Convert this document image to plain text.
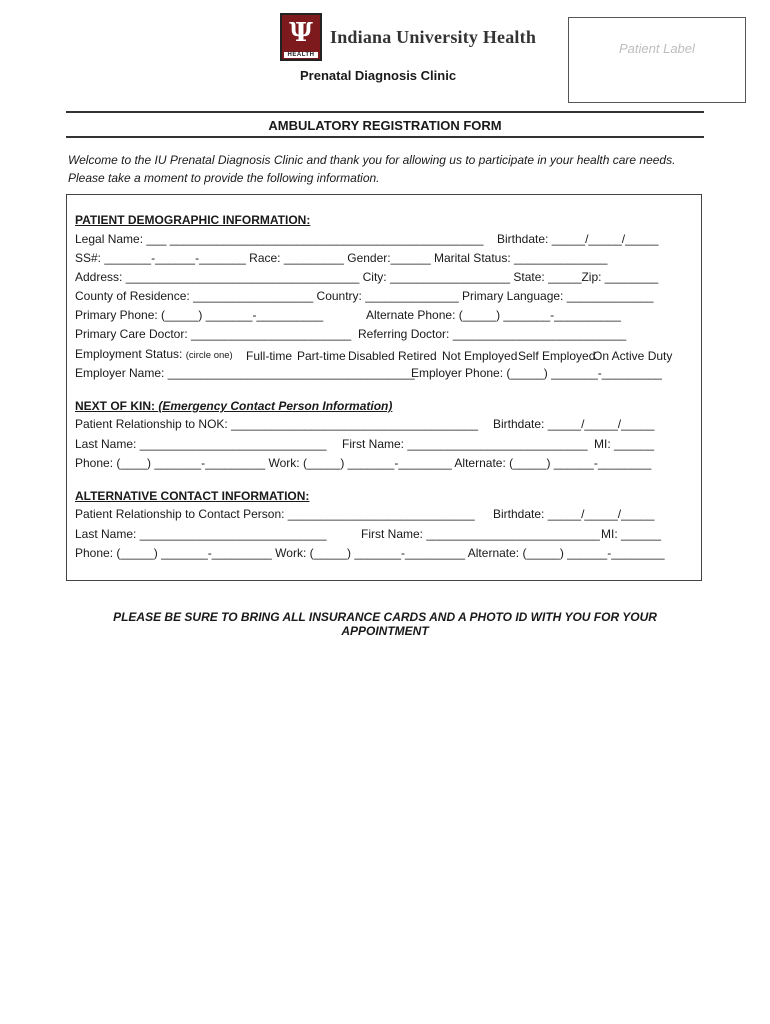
Ψ
HEALTH
Indiana University Health
Prenatal Diagnosis Clinic
Patient Label
AMBULATORY REGISTRATION FORM
Welcome to the IU Prenatal Diagnosis Clinic and thank you for allowing us to participate in your health care needs. Please take a moment to provide the following information.
PATIENT DEMOGRAPHIC INFORMATION:
Legal Name: ___ _______________________________________________ Birthdate: _____/_____/_____
SS#: _______-______-_______ Race: _________ Gender:______ Marital Status: ______________
Address: ___________________________________ City: __________________ State: _____Zip: ________
County of Residence: __________________ Country: ______________ Primary Language: _____________
Primary Phone: (_____) _______-__________	Alternate Phone: (_____) _______-__________
Primary Care Doctor: ________________________ Referring Doctor: __________________________
Employment Status: (circle one) Full-time Part-time Disabled Retired Not Employed Self Employed
On Active Duty
Employer Name: _____________________________________
Employer Phone: (_____) _______-_________
NEXT OF KIN: (Emergency Contact Person Information)
Patient Relationship to NOK: _____________________________________ Birthdate: _____/_____/_____
Last Name: ____________________________ First Name: ___________________________ MI: ______
Phone: (____) _______-_________ Work: (_____) _______-________ Alternate: (_____) ______-________
ALTERNATIVE CONTACT INFORMATION:
Patient Relationship to Contact Person: ____________________________ Birthdate: _____/_____/_____
Last Name: ____________________________	First Name: __________________________ MI: ______
Phone: (_____) _______-_________ Work: (_____) _______-_________ Alternate: (_____) ______-________
PLEASE BE SURE TO BRING ALL INSURANCE CARDS AND A PHOTO ID WITH YOU FOR YOUR APPOINTMENT
